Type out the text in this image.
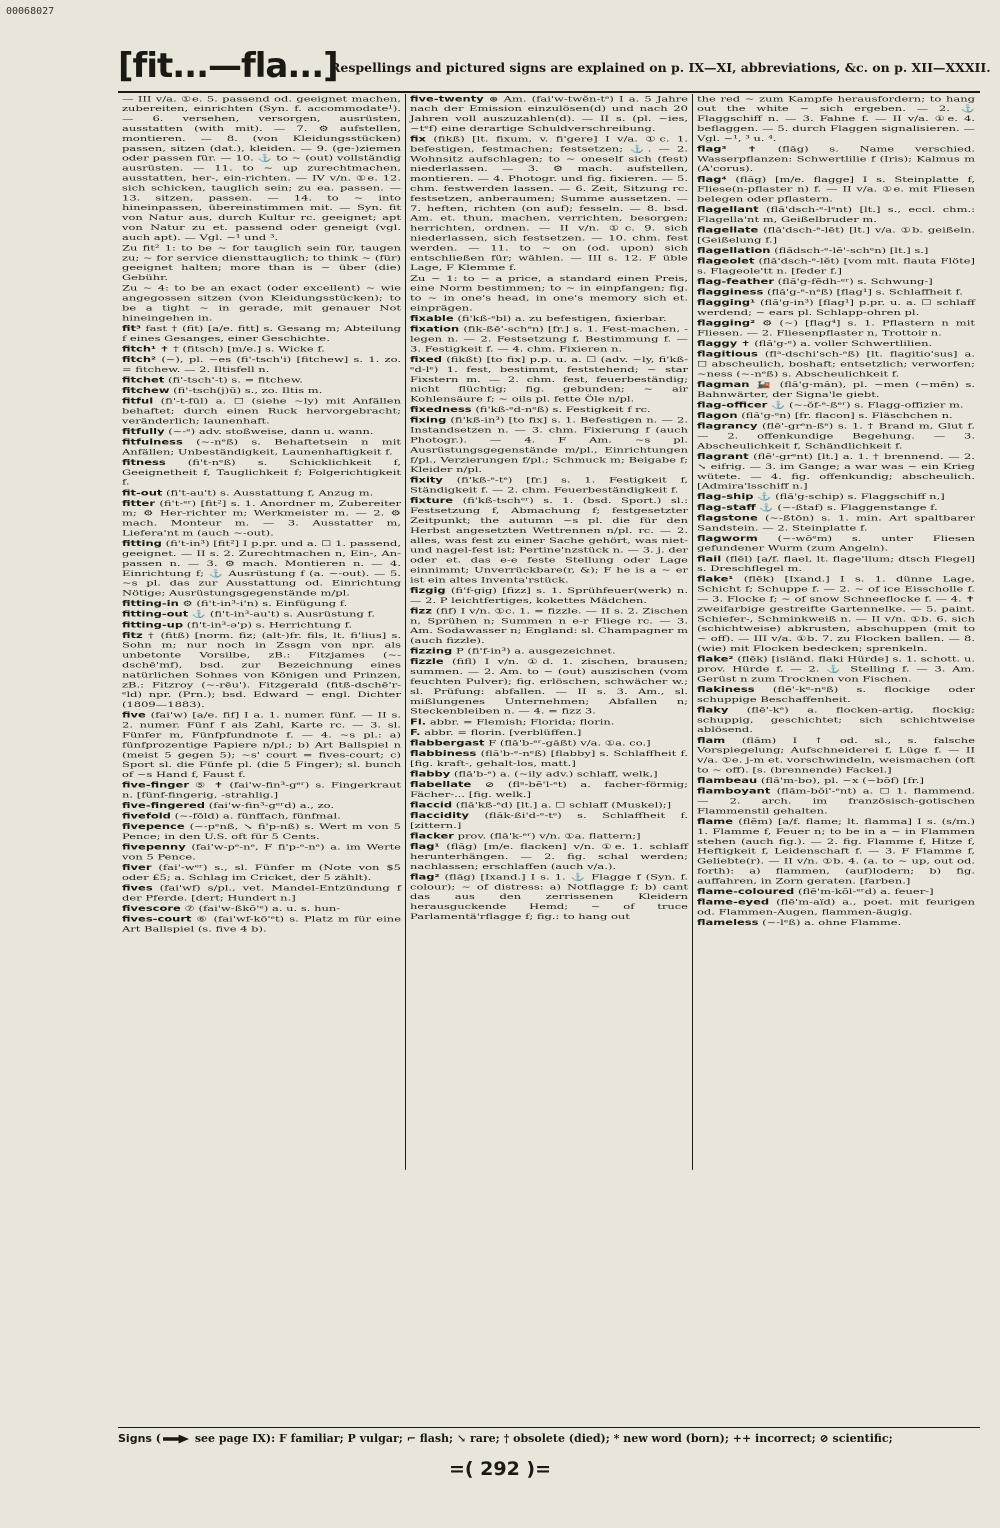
00068027
[fit...—fla...]
Respellings and pictured signs are explained on p. IX—XI, abbreviations, &c. on p. XII—XXXII.
— III v/a. ①e. 5. passend od. geeignet machen, zubereiten, einrichten (Syn. f. accommodate¹). — 6. versehen, versorgen, ausrüsten, ausstatten (with mit). — 7. ⚙ aufstellen, montieren. — 8. (von Kleidungsstücken) passen, sitzen (dat.), kleiden. — 9. (ge-)ziemen oder passen für. — 10. ⚓ to ~ (out) vollständig ausrüsten. — 11. to ~ up zurechtmachen, ausstatten, her-, ein-richten. — IV v/n. ①e. 12. sich schicken, tauglich sein; zu ea. passen. — 13. sitzen, passen. — 14. to ~ into hineinpassen, übereinstimmen mit. — Syn. fit von Natur aus, durch Kultur rc. geeignet; apt von Natur zu et. passend oder geneigt (vgl. auch apt). — Vgl. ~¹ und ³.
Zu fit² 1: to be ~ for tauglich sein für, taugen zu; ~ for service diensttauglich; to think ~ (für) geeignet halten; more than is ~ über (die) Gebühr.
Zu ~ 4: to be an exact (oder excellent) ~ wie angegossen sitzen (von Kleidungsstücken); to be a tight ~ in gerade, mit genauer Not hineingehen in.
fit³ fast † (fit) [a/e. fitt] s. Gesang m; Abteilung f eines Gesanges, einer Geschichte.
fitch¹ ✝ † (fitsch) [m/e.] s. Wicke f.
fitch² (~), pl. ~es (fi'-tsch'i) [fitchew] s. 1. zo. = fitchew. — 2. Iltisfell n.
fitchet (fi'-tsch'-t) s. = fitchew.
fitchew (fi'-tsch(j)ū) s., zo. Iltis m.
fitful (fi'-t-fūl) a. ☐ (siehe ~ly) mit Anfällen behaftet; durch einen Ruck hervorgebracht; veränderlich; launenhaft.
fitfully (~-ᵉ) adv. stoßweise, dann u. wann.
fitfulness (~-nᵉß) s. Behaftetsein n mit Anfällen; Unbeständigkeit, Launenhaftigkeit f.
fitness (fi't-nᵉß) s. Schicklichkeit f, Geeignetheit f, Tauglichkeit f; Folgerichtigkeit f.
fit-out (fi't-au't) s. Ausstattung f, Anzug m.
fitter (fi't-ᵉʳ) [fit²] s. 1. Anordner m, Zubereiter m; ⚙ Her-richter m; Werkmeister m. — 2. ⚙ mach. Monteur m. — 3. Ausstatter m, Liefera'nt m (auch ~-out).
fitting (fi't-in³) [fit²] I p.pr. und a. ☐ 1. passend, geeignet. — II s. 2. Zurechtmachen n, Ein-, An-passen n. — 3. ⚙ mach. Montieren n. — 4. Einrichtung f; ⚓ Ausrüstung f (a. ~-out). — 5. ~s pl. das zur Ausstattung od. Einrichtung Nötige; Ausrüstungsgegenstände m/pl.
fitting-in ⚙ (fi't-in³-i'n) s. Einfügung f.
fitting-out ⚓ (fi't-in³-au't) s. Ausrüstung f.
fitting-up (fi't-in³-ə'p) s. Herrichtung f.
fitz † (fitß) [norm. fiz; (alt-)fr. fils, lt. fi'lius] s. Sohn m; nur noch in Zssgn von npr. als unbetonte Vorsilbe, zB.: Fitzjames (~-dschē'mf), bsd. zur Bezeichnung eines natürlichen Sohnes von Königen und Prinzen, zB.: Fitzroy (~-rēu'). Fitzgerald (fitß-dschē'r-ᵉld) npr. (Prn.); bsd. Edward ~ engl. Dichter (1809—1883).
five (fai'w) [a/e. fif] I a. 1. numer. fünf. — II s. 2. numer. Fünf f als Zahl, Karte rc. — 3. sl. Fünfer m, Fünfpfundnote f. — 4. ~s pl.: a) fünfprozentige Papiere n/pl.; b) Art Ballspiel n (meist 5 gegen 5); ~s' court = fives-court; c) Sport sl. die Fünfe pl. (die 5 Finger); sl. bunch of ~s Hand f, Faust f.
five-finger ⑤ ✝ (fai'w-fin³-gᵉʳ) s. Fingerkraut n. [fünf-fingerig, -strahlig.]
five-fingered (fai'w-fin³-gᵉʳd) a., zo.
fivefold (~-fōld) a. fünffach, fünfmal.
fivepence (~-pᵉnß, ↘ fi'p-nß) s. Wert m von 5 Pence; in den U.S. oft für 5 Cents.
fivepenny (fai'w-pᵉ-nᵉ, F fi'p-ᵉ-nᵉ) a. im Werte von 5 Pence.
fiver (fai'-wᵉʳ) s., sl. Fünfer m (Note von $5 oder £5; a. Schlag im Cricket, der 5 zählt).
fives (fai'wf) s/pl., vet. Mandel-Entzündung f der Pferde. [dert; Hundert n.]
fivescore ⑦ (fai'w-ßkō'ᵉ) a. u. s. hun-
fives-court ⑥ (fai'wf-kō'ᵉt) s. Platz m für eine Art Ballspiel (s. five 4 b).
five-twenty ⊛ Am. (fai'w-twĕn-tᵉ) I a. 5 Jahre nach der Emission einzulösen(d) und nach 20 Jahren voll auszuzahlen(d). — II s. (pl. ~ies, ~tᵉf) eine derartige Schuldverschreibung.
fix (fikß) [lt. fixum, v. fi'gere] I v/a. ①c. 1. befestigen, festmachen; festsetzen; ⚓. — 2. Wohnsitz aufschlagen; to ~ oneself sich (fest) niederlassen. — 3. ⚙ mach. aufstellen, montieren. — 4. Photogr. und fig. fixieren. — 5. chm. festwerden lassen. — 6. Zeit, Sitzung rc. festsetzen, anberaumen; Summe aussetzen. — 7. heften, richten (on auf); fesseln. — 8. bsd. Am. et. thun, machen, verrichten, besorgen; herrichten, ordnen. — II v/n. ①c. 9. sich niederlassen, sich festsetzen. — 10. chm. fest werden. — 11. to ~ on (od. upon) sich entschließen für; wählen. — III s. 12. F üble Lage, F Klemme f.
Zu ~ 1: to ~ a price, a standard einen Preis, eine Norm bestimmen; to ~ in einpfangen; fig. to ~ in one's head, in one's memory sich et. einprägen.
fixable (fi'kß-ᵉbl) a. zu befestigen, fixierbar.
fixation (fik-ßē'-schᵉn) [fr.] s. 1. Fest-machen, -legen n. — 2. Festsetzung f, Bestimmung f. — 3. Festigkeit f. — 4. chm. Fixieren n.
fixed (fikßt) [to fix] p.p. u. a. ☐ (adv. ~ly, fi'kß-ᵉd-lᵉ) 1. fest, bestimmt, feststehend; ~ star Fixstern m. — 2. chm. fest, feuerbeständig; nicht flüchtig; fig. gebunden; ~ air Kohlensäure f; ~ oils pl. fette Öle n/pl.
fixedness (fi'kß-ᵉd-nᵉß) s. Festigkeit f rc.
fixing (fi'kß-in³) [to fix] s. 1. Befestigen n. — 2. Instandsetzen n. — 3. chm. Fixierung f (auch Photogr.). — 4. F Am. ~s pl. Ausrüstungsgegenstände m/pl., Einrichtungen f/pl., Verzierungen f/pl.; Schmuck m; Beigabe f; Kleider n/pl.
fixity (fi'kß-ᵉ-tᵉ) [fr.] s. 1. Festigkeit f, Ständigkeit f. — 2. chm. Feuerbeständigkeit f.
fixture (fi'kß-tschᵉʳ) s. 1. (bsd. Sport.) sl.: Festsetzung f, Abmachung f; festgesetzter Zeitpunkt; the autumn ~s pl. die für den Herbst angesetzten Wettrennen n/pl. rc. — 2. alles, was fest zu einer Sache gehört, was niet- und nagel-fest ist; Pertine'nzstück n. — 3. j. der oder et. das e-e feste Stellung oder Lage einnimmt; Unverrückbare(r, &); F he is a ~ er ist ein altes Inventa'rstück.
fizgig (fi'f-gig) [fizz] s. 1. Sprühfeuer(werk) n. — 2. P leichtfertiges, kokettes Mädchen.
fizz (fif) I v/n. ①c. 1. = fizzle. — II s. 2. Zischen n, Sprühen n; Summen n e-r Fliege rc. — 3. Am. Sodawasser n; England: sl. Champagner m (auch fizzle).
fizzing P (fi'f-in³) a. ausgezeichnet.
fizzle (fifl) I v/n. ①d. 1. zischen, brausen; summen. — 2. Am. to ~ (out) auszischen (vom feuchten Pulver); fig. erlöschen, schwächer w.; sl. Prüfung: abfallen. — II s. 3. Am., sl. mißlungenes Unternehmen; Abfallen n; Steckenbleiben n. — 4. = fizz 3.
Fl. abbr. = Flemish; Florida; florin.
F. abbr. = florin. [verblüffen.]
flabbergast F (flă'b-ᵉʳ-găßt) v/a. ①a. co.]
flabbiness (flă'b-ᵉ-nᵉß) [flabby] s. Schlaffheit f. [fig. kraft-, gehalt-los, matt.]
flabby (flă'b-ᵉ) a. (~ily adv.) schlaff, welk,]
flabellate ⊘ (flᵃ-bĕ'l-ᵉt) a. facher-förmig; Fächer-... [fig. welk.]
flaccid (flă'kß-ᵉd) [lt.] a. ☐ schlaff (Muskel);]
flaccidity (flăk-ßi'd-ᵉ-tᵉ) s. Schlaffheit f. [zittern.]
flacker prov. (flă'k-ᵉʳ) v/n. ①a. flattern;]
flag¹ (flăg) [m/e. flacken] v/n. ①e. 1. schlaff herunterhängen. — 2. fig. schal werden; nachlassen; erschlaffen (auch v/a.).
flag² (flăg) [Ixand.] I s. 1. ⚓ Flagge f (Syn. f. colour); ~ of distress: a) Notflagge f; b) cant das aus den zerrissenen Kleidern herausguckende Hemd; ~ of truce Parlamentä'rflagge f; fig.: to hang out
the red ~ zum Kampfe herausfordern; to hang out the white ~ sich ergeben. — 2. ⚓ Flaggschiff n. — 3. Fahne f. — II v/a. ①e. 4. beflaggen. — 5. durch Flaggen signalisieren. — Vgl. ~¹, ³ u. ⁴.
flag³ ✝ (flăg) s. Name verschied. Wasserpflanzen: Schwertlilie f (Iris); Kalmus m (A'corus).
flag⁴ (flăg) [m/e. flagge] I s. Steinplatte f, Fliese(n-pflaster n) f. — II v/a. ①e. mit Fliesen belegen oder pflastern.
flagellant (flă'dsch-ᵉ-lᵉnt) [lt.] s., eccl. chm.: Flagella'nt m, Geißelbruder m.
flagellate (flă'dsch-ᵉ-lēt) [lt.] v/a. ①b. geißeln. [Geißelung f.]
flagellation (flădsch-ᵉ-lē'-schᵉn) [lt.] s.]
flageolet (flă'dsch-ᵉ-lĕt) [vom mlt. flauta Flöte] s. Flageole'tt n. [feder f.]
flag-feather (flă'g-fĕdh-ᵉʳ) s. Schwung-]
flagginess (flă'g-ᵉ-nᵉß) [flag¹] s. Schlaffheit f.
flagging¹ (flă'g-in³) [flag¹] p.pr. u. a. ☐ schlaff werdend; ~ ears pl. Schlapp-ohren pl.
flagging² ⚙ (~) [flag⁴] s. 1. Pflastern n mit Fliesen. — 2. Fliesenpflaster n, Trottoir n.
flaggy ✝ (flă'g-ᵉ) a. voller Schwertlilien.
flagitious (flᵃ-dschi'sch-ᵉß) [lt. flagitio'sus] a. ☐ abscheulich, boshaft; entsetzlich; verworfen; ~ness (~-nᵉß) s. Abscheulichkeit f.
flagman 🚂 (flă'g-măn), pl. ~men (~mĕn) s. Bahnwärter, der Signa'le giebt.
flag-officer ⚓ (~-ŏf-ᵉ-ßᵉʳ) s. Flagg-offizier m.
flagon (flă'g-ᵉn) [fr. flacon] s. Fläschchen n.
flagrancy (flē'-grᵉn-ßᵉ) s. 1. † Brand m, Glut f. — 2. offenkundige Begehung. — 3. Abscheulichkeit f, Schändlichkeit f.
flagrant (flē'-grᵉnt) [lt.] a. 1. † brennend. — 2. ↘ eifrig. — 3. im Gange; a war was ~ ein Krieg wütete. — 4. fig. offenkundig; abscheulich. [Admira'lsschiff n.]
flag-ship ⚓ (flă'g-schip) s. Flaggschiff n,]
flag-staff ⚓ (~-ßtaf) s. Flaggenstange f.
flagstone (~-ßtōn) s. 1. min. Art spaltbarer Sandstein. — 2. Steinplatte f.
flagworm (~-wōᵉm) s. unter Fliesen gefundener Wurm (zum Angeln).
flail (flēl) [a/f. flael, lt. flage'llum; dtsch Flegel] s. Dreschflegel m.
flake¹ (flēk) [Ixand.] I s. 1. dünne Lage, Schicht f; Schuppe f. — 2. ~ of ice Eisscholle f. — 3. Flocke f; ~ of snow Schneeflocke f. — 4. ✝ zweifarbige gestreifte Gartennelke. — 5. paint. Schiefer-, Schminkweiß n. — II v/n. ①b. 6. sich (schichtweise) abkrusten, abschuppen (mit to ~ off). — III v/a. ①b. 7. zu Flocken ballen. — 8. (wie) mit Flocken bedecken; sprenkeln.
flake² (flēk) [isländ. flaki Hürde] s. 1. schott. u. prov. Hürde f. — 2. ⚓ Stelling f. — 3. Am. Gerüst n zum Trocknen von Fischen.
flakiness (flē'-kᵉ-nᵉß) s. flockige oder schuppige Beschaffenheit.
flaky (flē'-kᵉ) a. flocken-artig, flockig; schuppig, geschichtet; sich schichtweise ablösend.
flam (flăm) I ↑ od. sl., s. falsche Vorspiegelung; Aufschneiderei f, Lüge f. — II v/a. ①e. j-m et. vorschwindeln, weismachen (oft to ~ off). [s. (brennende) Fackel.]
flambeau (flă'm-bo), pl. ~x (~bōf) [fr.]
flamboyant (flăm-bŏi'-ᵉnt) a. ☐ 1. flammend. — 2. arch. im französisch-gotischen Flammenstil gehalten.
flame (flēm) [a/f. flame; lt. flamma] I s. (s/m.) 1. Flamme f, Feuer n; to be in a ~ in Flammen stehen (auch fig.). — 2. fig. Flamme f, Hitze f, Heftigkeit f, Leidenschaft f. — 3. F Flamme f, Geliebte(r). — II v/n. ①b. 4. (a. to ~ up, out od. forth): a) flammen, (auf)lodern; b) fig. auffahren, in Zorn geraten. [farben.]
flame-coloured (flē'm-kŏl-ᵉʳd) a. feuer-]
flame-eyed (flē'm-aïd) a., poet. mit feurigen od. Flammen-Augen, flammen-äugig.
flameless (~-lᵉß) a. ohne Flamme.
Signs (	see page IX): F familiar; P vulgar; ⌐ flash; ↘ rare; † obsolete (died); * new word (born); ++ incorrect; ⊘ scientific;
=( 292 )=
